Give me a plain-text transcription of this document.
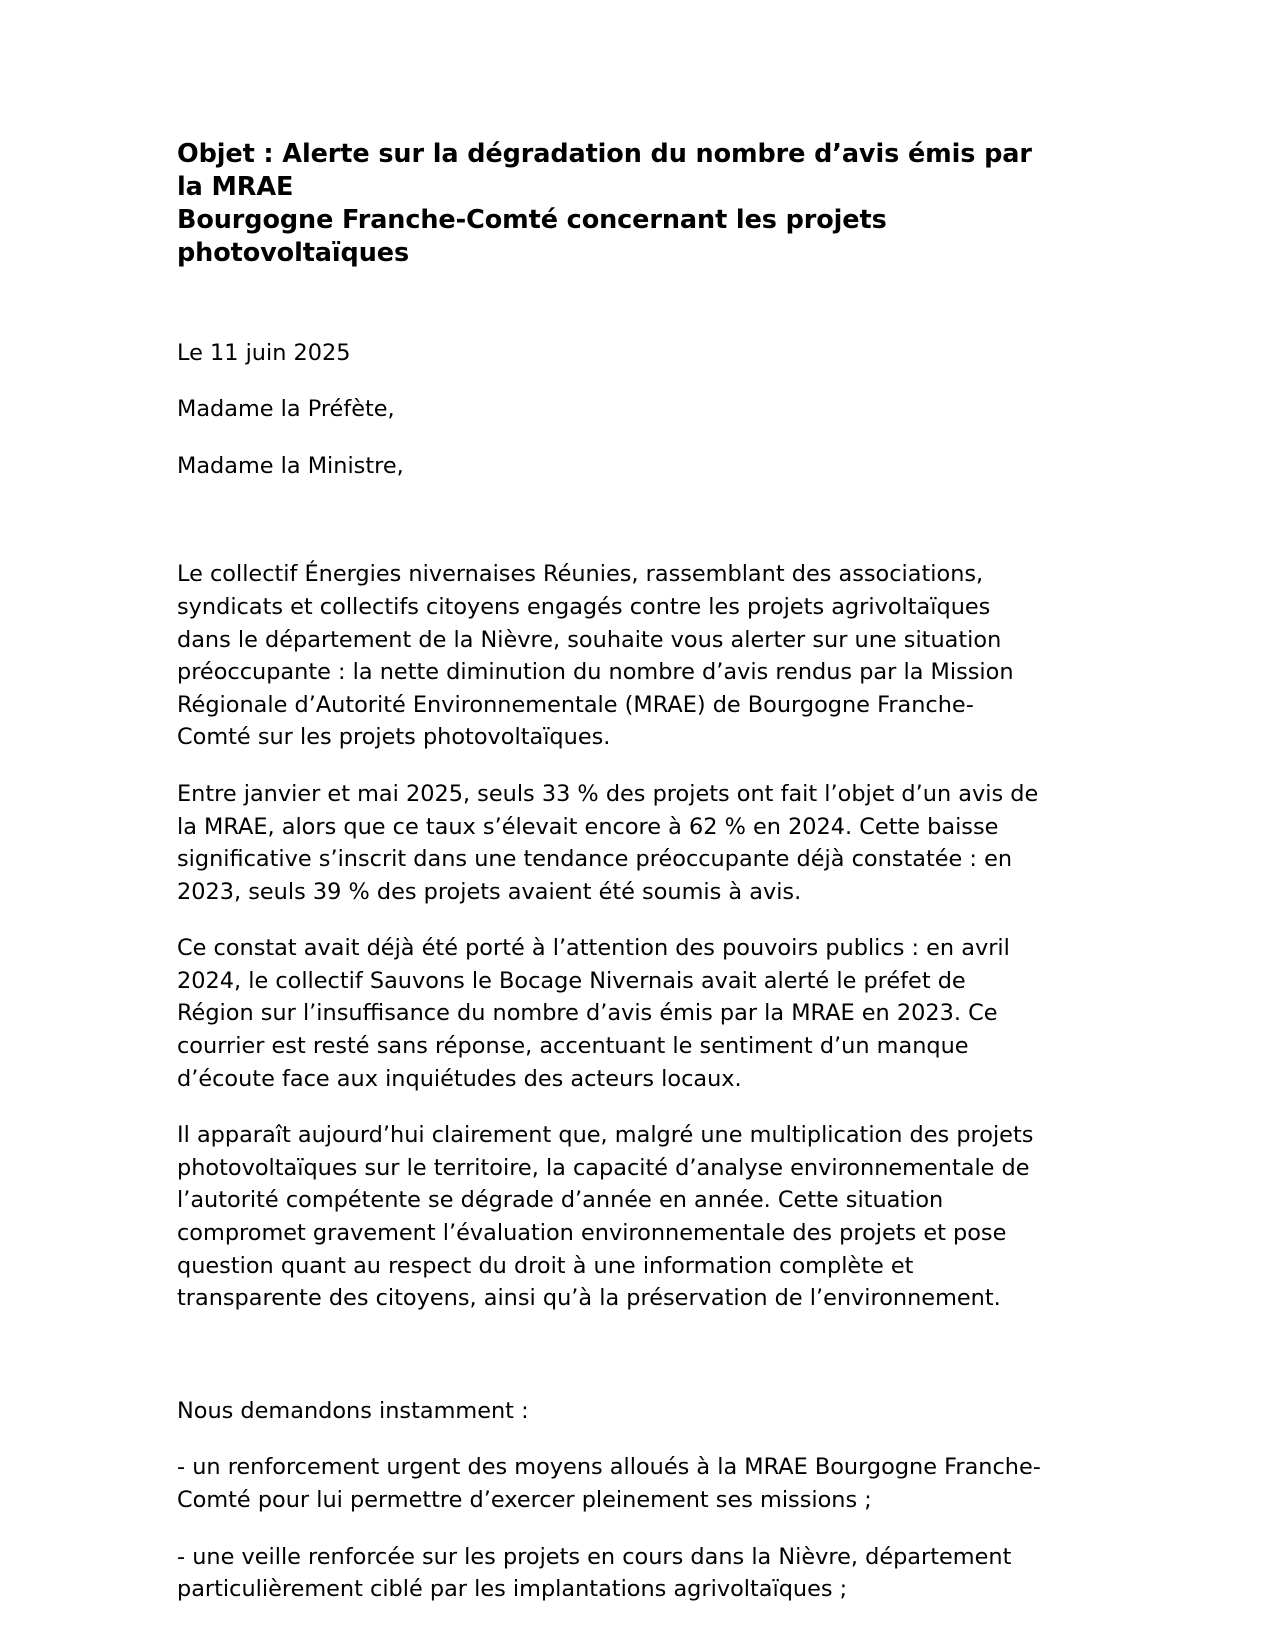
Objet : Alerte sur la dégradation du nombre d’avis émis par la MRAE
Bourgogne Franche-Comté concernant les projets photovoltaïques

Le 11 juin 2025

Madame la Préfète,

Madame la Ministre,

Le collectif Énergies nivernaises Réunies, rassemblant des associations, syndicats et collectifs citoyens engagés contre les projets agrivoltaïques dans le département de la Nièvre, souhaite vous alerter sur une situation préoccupante : la nette diminution du nombre d’avis rendus par la Mission Régionale d’Autorité Environnementale (MRAE) de Bourgogne Franche-Comté sur les projets photovoltaïques.

Entre janvier et mai 2025, seuls 33 % des projets ont fait l’objet d’un avis de la MRAE, alors que ce taux s’élevait encore à 62 % en 2024. Cette baisse significative s’inscrit dans une tendance préoccupante déjà constatée : en 2023, seuls 39 % des projets avaient été soumis à avis.

Ce constat avait déjà été porté à l’attention des pouvoirs publics : en avril 2024, le collectif Sauvons le Bocage Nivernais avait alerté le préfet de Région sur l’insuffisance du nombre d’avis émis par la MRAE en 2023. Ce courrier est resté sans réponse, accentuant le sentiment d’un manque d’écoute face aux inquiétudes des acteurs locaux.

Il apparaît aujourd’hui clairement que, malgré une multiplication des projets photovoltaïques sur le territoire, la capacité d’analyse environnementale de l’autorité compétente se dégrade d’année en année. Cette situation compromet gravement l’évaluation environnementale des projets et pose question quant au respect du droit à une information complète et transparente des citoyens, ainsi qu’à la préservation de l’environnement.

Nous demandons instamment :

- un renforcement urgent des moyens alloués à la MRAE Bourgogne Franche-Comté pour lui permettre d’exercer pleinement ses missions ;

- une veille renforcée sur les projets en cours dans la Nièvre, département particulièrement ciblé par les implantations agrivoltaïques ;
